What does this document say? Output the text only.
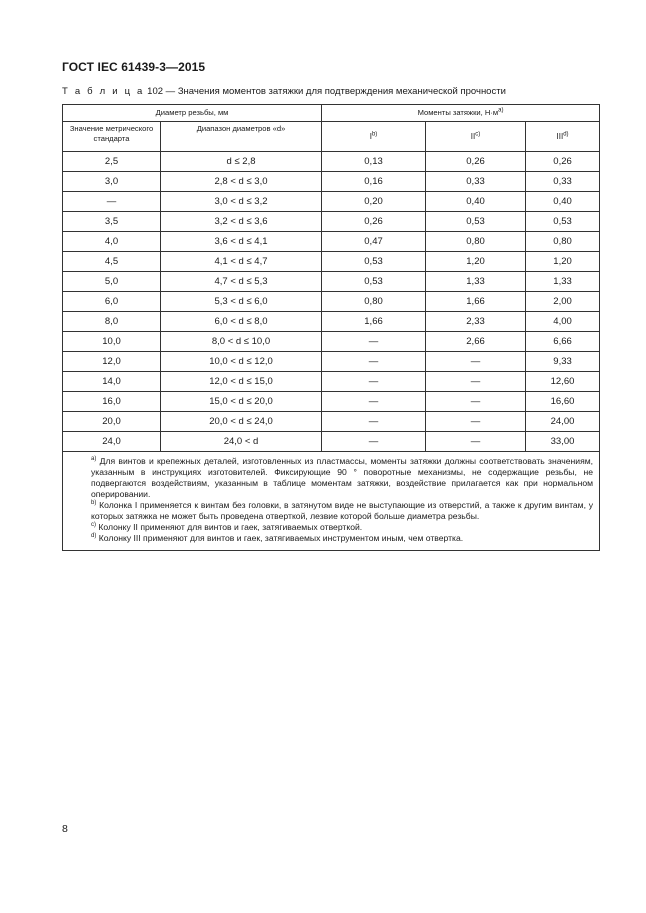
ГОСТ IEC 61439-3—2015
Т а б л и ц а 102 — Значения моментов затяжки для подтверждения механической прочности
Диаметр резьбы, мм		Моменты затяжки, $Н\cdot м^{a)}$
Значение метрического стандарта	Диапазон диаметров «d»	$I^{b)}$	II$^{c)}$	III$^{d)}$
2,5	d ≤ 2,8	0,13	0,26	0,26
3,0	2,8 < d ≤ 3,0	0,16	0,33	0,33
—	3,0 < d ≤ 3,2	0,20	0,40	0,40
3,5	3,2 < d ≤ 3,6	0,26	0,53	0,53
4,0	3,6 < d ≤ 4,1	0,47	0,80	0,80
4,5	4,1 < d ≤ 4,7	0,53	1,20	1,20
5,0	4,7 < d ≤ 5,3	0,53	1,33	1,33
6,0	5,3 < d ≤ 6,0	0,80	1,66	2,00
8,0	6,0 < d ≤ 8,0	1,66	2,33	4,00
10,0	8,0 < d ≤ 10,0	—	2,66	6,66
12,0	10,0 < d ≤ 12,0	—	—	9,33
14,0	12,0 < d ≤ 15,0	—	—	12,60
16,0	15,0 < d ≤ 20,0	—	—	16,60
20,0	20,0 < d ≤ 24,0	—	—	24,00
24,0	24,0 < d	—	—	33,00

$^{a)}$ Для винтов и крепежных деталей, изготовленных из пластмассы, моменты затяжки должны соответствовать значениям, указанным в инструкциях изготовителей. Фиксирующие 90 ° поворотные механизмы, не содержащие резьбы, не подвергаются воздействиям, указанным в таблице моментам затяжки, воздействие прилагается как при нормальном оперировании.

$^{b)}$ Колонка I применяется к винтам без головки, в затянутом виде не выступающие из отверстий, а также к другим винтам, у которых затяжка не может быть проведена отверткой, лезвие которой больше диаметра резьбы.

$^{c)}$ Колонку II применяют для винтов и гаек, затягиваемых отверткой.

$^{d)}$ Колонку III применяют для винтов и гаек, затягиваемых инструментом иным, чем отвертка.				

8
